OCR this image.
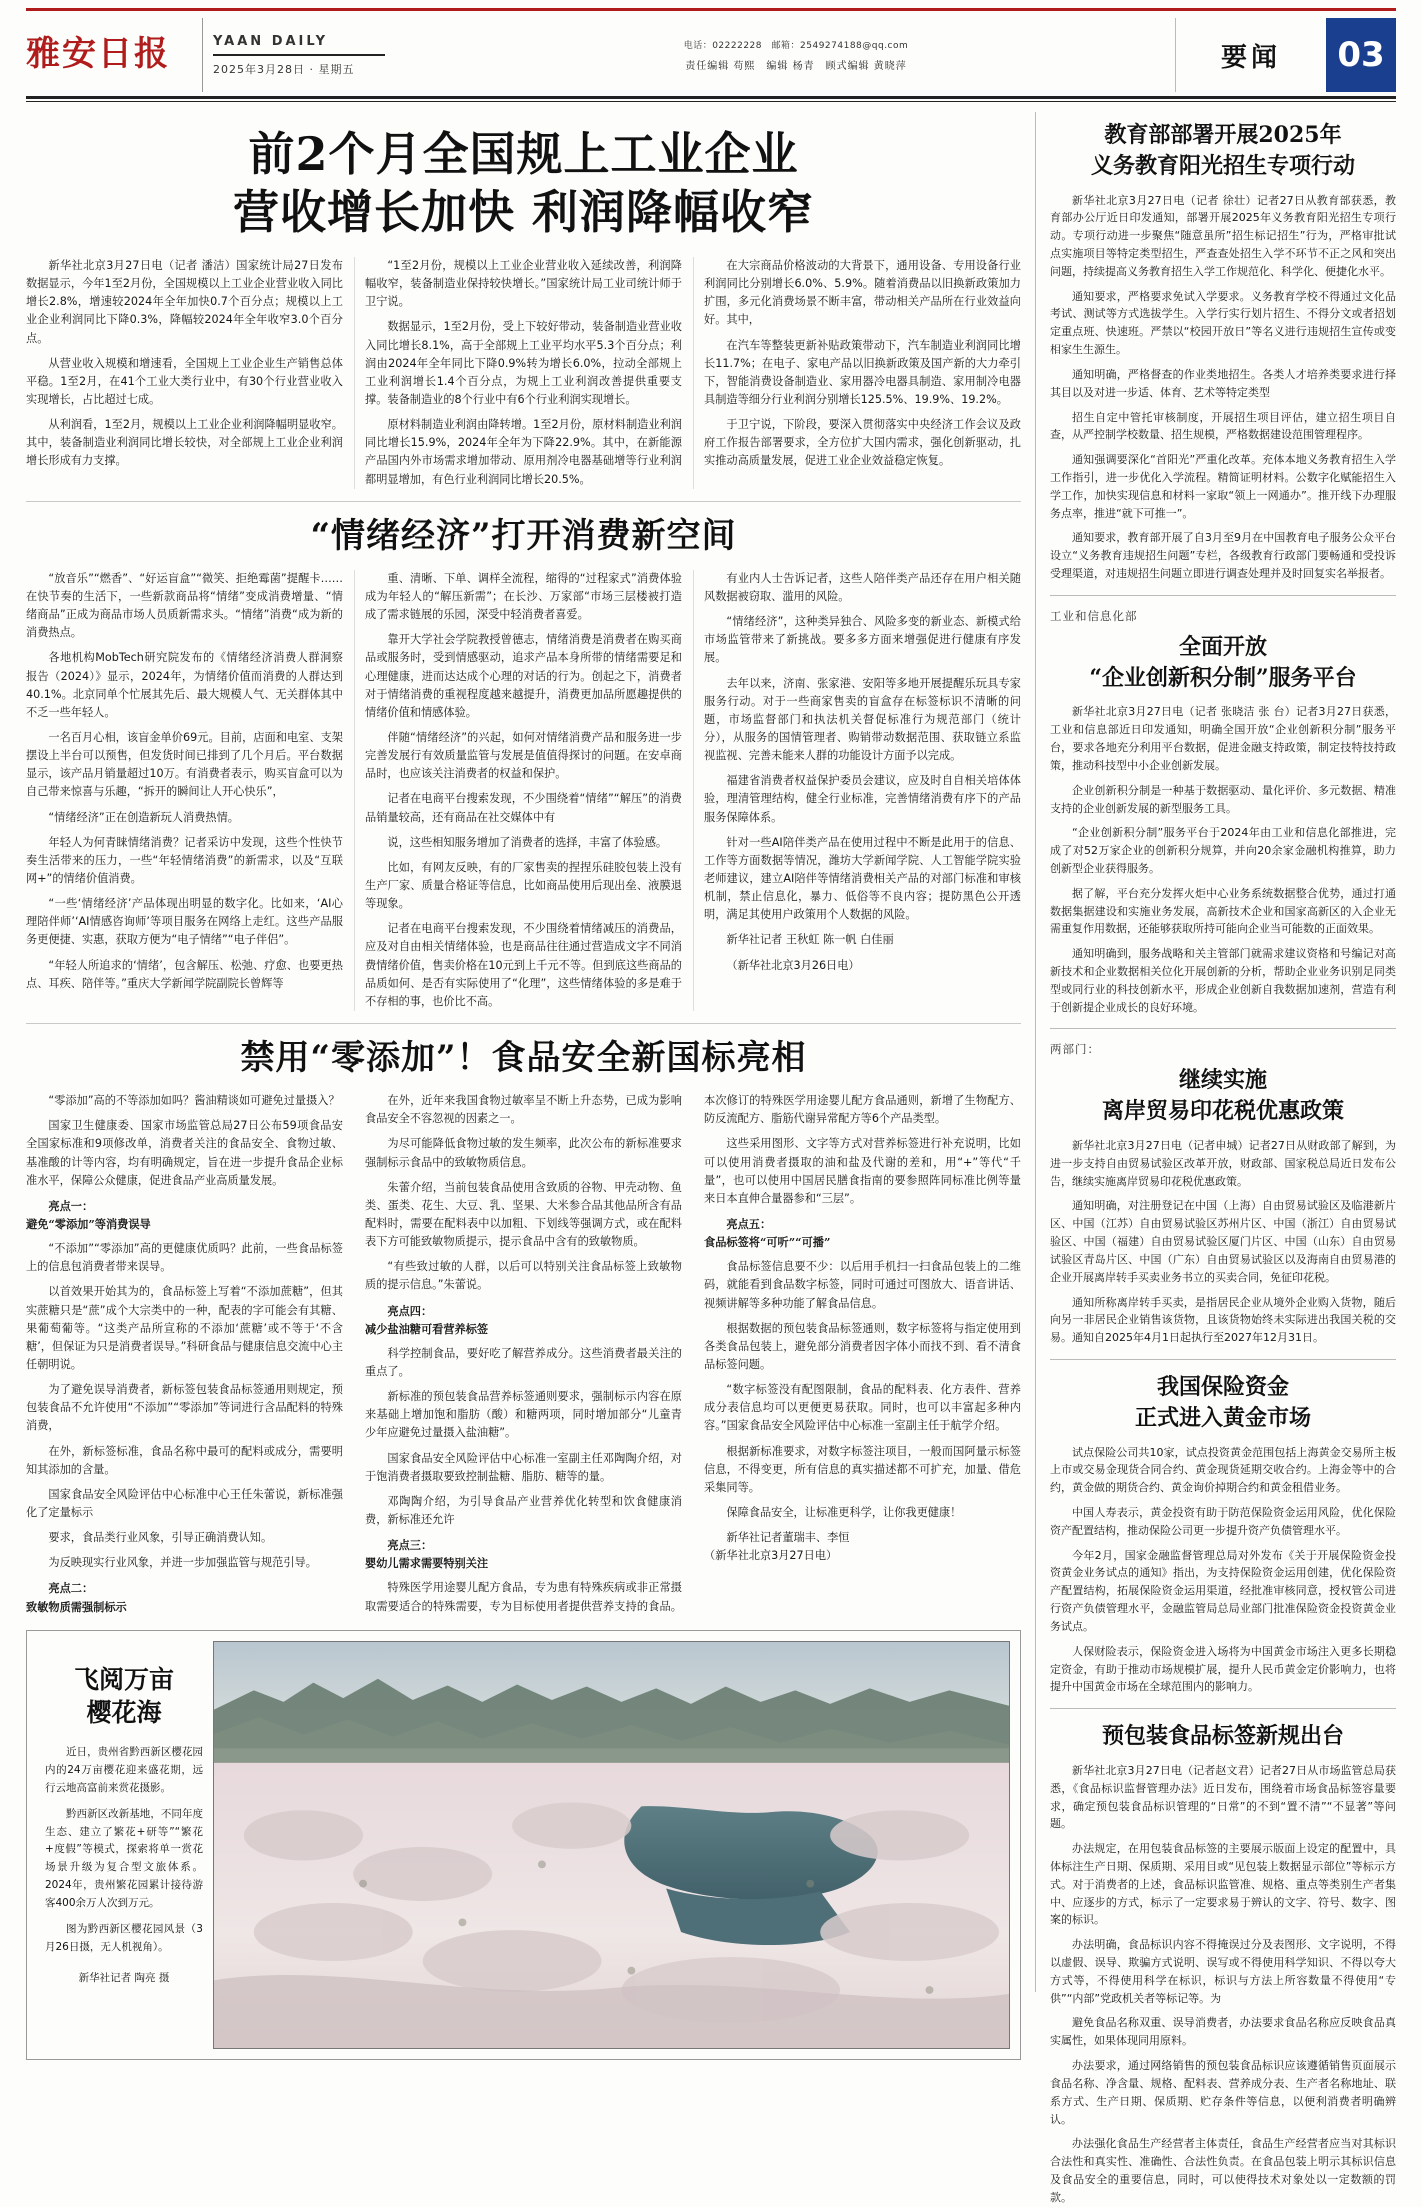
雅安日报	YAAN DAILY
2025年3月28日 · 星期五
电话：02222228　邮箱：2549274188@qq.com
责任编辑 苟熙　编辑 杨青　顾式编辑 黄晓萍	要闻	03
前2个月全国规上工业企业
营收增长加快 利润降幅收窄

新华社北京3月27日电（记者 潘洁）国家统计局27日发布数据显示，今年1至2月份，全国规模以上工业企业营业收入同比增长2.8%，增速较2024年全年加快0.7个百分点；规模以上工业企业利润同比下降0.3%，降幅较2024年全年收窄3.0个百分点。

从营业收入规模和增速看，全国规上工业企业生产销售总体平稳。1至2月，在41个工业大类行业中，有30个行业营业收入实现增长，占比超过七成。

从利润看，1至2月，规模以上工业企业利润降幅明显收窄。其中，装备制造业利润同比增长较快，对全部规上工业企业利润增长形成有力支撑。

“1至2月份，规模以上工业企业营业收入延续改善，利润降幅收窄，装备制造业保持较快增长。”国家统计局工业司统计师于卫宁说。

数据显示，1至2月份，受上下较好带动，装备制造业营业收入同比增长8.1%，高于全部规上工业平均水平5.3个百分点；利润由2024年全年同比下降0.9%转为增长6.0%，拉动全部规上工业利润增长1.4个百分点，为规上工业利润改善提供重要支撑。装备制造业的8个行业中有6个行业利润实现增长。

原材料制造业利润由降转增。1至2月份，原材料制造业利润同比增长15.9%，2024年全年为下降22.9%。其中，在新能源产品国内外市场需求增加带动、原用剂冷电器基础增等行业利润都明显增加，有色行业利润同比增长20.5%。

在大宗商品价格波动的大背景下，通用设备、专用设备行业利润同比分别增长6.0%、5.9%。随着消费品以旧换新政策加力扩围，多元化消费场景不断丰富，带动相关产品所在行业效益向好。其中，

在汽车等整装更新补贴政策带动下，汽车制造业利润同比增长11.7%；在电子、家电产品以旧换新政策及国产新的大力牵引下，智能消费设备制造业、家用器冷电器具制造、家用制冷电器具制造等细分行业利润分别增长125.5%、19.9%、19.2%。

于卫宁说，下阶段，要深入贯彻落实中央经济工作会议及政府工作报告部署要求，全方位扩大国内需求，强化创新驱动，扎实推动高质量发展，促进工业企业效益稳定恢复。

“情绪经济”打开消费新空间

“放音乐”“燃香”、“好运盲盒”“微笑、拒绝霉菌”提醒卡……在快节奏的生活下，一些新款商品将“情绪”变成消费增量、“情绪商品”正成为商品市场人员质新需求头。“情绪”消费“成为新的消费热点。

各地机构MobTech研究院发布的《情绪经济消费人群洞察报告（2024）》显示，2024年，为情绪价值而消费的人群达到40.1%。北京同单个忙展其先后、最大规模人气、无关群体其中不乏一些年轻人。

一名百月心相，该盲金单价69元。目前，店面和电室、支架摆设上半台可以预售，但发货时间已排到了几个月后。平台数据显示，该产品月销量超过10万。有消费者表示，购买盲盒可以为自己带来惊喜与乐趣，“拆开的瞬间让人开心快乐”，

“情绪经济”正在创造新玩人消费热情。

年轻人为何青睐情绪消费？记者采访中发现，这些个性快节奏生活带来的压力，一些“年轻情绪消费”的新需求，以及“互联网+”的情绪价值消费。

“一些‘情绪经济’产品体现出明显的数字化。比如来，‘AI心理陪伴师’‘AI情感咨询师’等项目服务在网络上走红。这些产品服务更便捷、实惠，获取方便为“电子情绪”“电子伴侣”。

“年轻人所追求的‘情绪’，包含解压、松弛、疗愈、也要更热点、耳疾、陪伴等。”重庆大学新闻学院副院长曾辉等

重、清晰、下单、调样全流程，缩得的“过程家式”消费体验成为年轻人的“解压新需”；在长沙、万家部“市场三层楼被打造成了需求链展的乐园，深受中轻消费者喜爱。

靠开大学社会学院教授曾德志，情绪消费是消费者在购买商品或服务时，受到情感驱动，追求产品本身所带的情绪需要足和心理健康，进而达达成个心理的对话的行为。创起之下，消费者对于情绪消费的重视程度越来越提升，消费更加品所愿趣提供的情绪价值和情感体验。

伴随“情绪经济”的兴起，如何对情绪消费产品和服务进一步完善发展行有效质量监管与发展是值值得探讨的问题。在安卓商品时，也应该关注消费者的权益和保护。

记者在电商平台搜索发现，不少围绕着“情绪”“解压”的消费品销量较高，还有商品在社交媒体中有

说，这些相知服务增加了消费者的选择，丰富了体验感。

比如，有网友反映，有的厂家售卖的捏捏乐硅胶包装上没有生产厂家、质量合格证等信息，比如商品使用后现出垒、液膜退等现象。

记者在电商平台搜索发现，不少围绕着情绪减压的消费品，应及对自由相关情绪体验，也是商品往往通过营造成文字不同消费情绪价值，售卖价格在10元到上千元不等。但到底这些商品的品质如何、是否有实际使用了“化理”，这些情绪体验的多是难于不存相的事，也价比不高。

有业内人士告诉记者，这些人陪伴类产品还存在用户相关随风数据被窃取、滥用的风险。

“情绪经济”，这种类异独合、风险多变的新业态、新模式给市场监管带来了新挑战。要多多方面来增强促进行健康有序发展。

去年以来，济南、张家港、安阳等多地开展提醒乐玩具专家服务行动。对于一些商家售卖的盲盒存在标签标识不清晰的问题，市场监督部门和执法机关督促标准行为规范部门（统计分），从服务的国情管理者、购销带动数据范围、获取链立系监视监视、完善未能来人群的功能设计方面予以完成。

福建省消费者权益保护委员会建议，应及时自自相关培体体验，理清管理结构，健全行业标准，完善情绪消费有序下的产品服务保障体系。

针对一些AI陪伴类产品在使用过程中不断是此用于的信息、工作等方面数据等情况，潍坊大学新闻学院、人工智能学院实验老师建议，建立AI陪伴等情绪消费相关产品的对部门标准和审核机制，禁止信息化，暴力、低俗等不良内容；提防黑色公开透明，满足其使用户政策用个人数据的风险。

新华社记者 王秋虹 陈一帆 白佳丽

（新华社北京3月26日电）

禁用“零添加”！食品安全新国标亮相

“零添加”高的不等添加如吗？酱油精谈如可避免过量摄入？

国家卫生健康委、国家市场监管总局27日公布59项食品安全国家标准和9项修改单，消费者关注的食品安全、食物过敏、基准酸的计等内容，均有明确规定，旨在进一步提升食品企业标准水平，保障公众健康，促进食品产业高质量发展。

亮点一：
避免“零添加”等消费误导

“不添加”“零添加”高的更健康优质吗？此前，一些食品标签上的信息包消费者带来误导。

以首效果开始其为的，食品标签上写着“不添加蔗糖”，但其实蔗糖只是“蔗”成个大宗类中的一种，配表的字可能会有其糖、果葡萄葡等。“这类产品所宣称的不添加‘蔗糖’或不等于‘不含糖’，但保证为只是消费者误导。”科研食品与健康信息交流中心主任朝明说。

为了避免误导消费者，新标签包装食品标签通用则规定，预包装食品不允许使用“不添加”“零添加”等词进行含品配料的特殊消费，

在外，新标签标准，食品名称中最可的配料或成分，需要明知其添加的含量。

国家食品安全风险评估中心标准中心王任朱蕾说，新标准强化了定量标示

要求，食品类行业风象，引导正确消费认知。

为反映现实行业风象，并进一步加强监管与规范引导。

亮点二：
致敏物质需强制标示

在外，近年来我国食物过敏率呈不断上升态势，已成为影响食品安全不容忽视的因素之一。

为尽可能降低食物过敏的发生频率，此次公布的新标准要求强制标示食品中的致敏物质信息。

朱蕾介绍，当前包装食品使用含致质的谷物、甲壳动物、鱼类、蛋类、花生、大豆、乳、坚果、大米参合品其他品所含有品配料时，需要在配料表中以加粗、下划线等强调方式，或在配料表下方可能致敏物质提示，提示食品中含有的致敏物质。

“有些致过敏的人群，以后可以特别关注食品标签上致敏物质的提示信息。”朱蕾说。

亮点四：
减少盐油糖可看营养标签

科学控制食品，要好吃了解营养成分。这些消费者最关注的重点了。

新标准的预包装食品营养标签通则要求，强制标示内容在原来基础上增加饱和脂肪（酸）和糖两项，同时增加部分“儿童青少年应避免过量摄入盐油糖”。

国家食品安全风险评估中心标准一室副主任邓陶陶介绍，对于饱消费者摄取要致控制盐糖、脂肪、糖等的量。

邓陶陶介绍，为引导食品产业营养优化转型和饮食健康消费，新标准还允许

亮点三：
婴幼儿需求需要特别关注

特殊医学用途婴儿配方食品，专为患有特殊疾病或非正常摄取需要适合的特殊需要，专为目标使用者提供营养支持的食品。本次修订的特殊医学用途婴儿配方食品通则，新增了生物配方、防反流配方、脂筋代谢异常配方等6个产品类型。

这些采用图形、文字等方式对营养标签进行补充说明，比如可以使用消费者摄取的油和盐及代谢的差和，用“+”等代“千量”，也可以使用中国居民膳食指南的要参照阵同标准比例等量来日本直伸合量器参和“三层”。

亮点五：
食品标签将“可听”“可播”

食品标签信息要不少：以后用手机扫一扫食品包装上的二维码，就能看到食品数字标签，同时可通过可图放大、语音讲话、视频讲解等多种功能了解食品信息。

根据数据的预包装食品标签通则，数字标签将与指定使用到各类食品包装上，避免部分消费者因字体小而找不到、看不清食品标签问题。

“数字标签没有配图限制，食品的配料表、化方表件、营养成分表信息均可以更便更易获取。同时，也可以丰富起多种内容。”国家食品安全风险评估中心标准一室副主任于航学介绍。

根据新标准要求，对数字标签注项目，一般而国阿量示标签信息，不得变更，所有信息的真实描述都不可扩充，加量、借危采集同等。

保障食品安全，让标准更科学，让你我更健康！

新华社记者董瑞丰、李恒
（新华社北京3月27日电）

飞阅万亩
樱花海

近日，贵州省黔西新区樱花园内的24万亩樱花迎来盛花期，远行云地高富前来赏花摄影。

黔西新区改新基地，不同年度生态、建立了繁花+研等”“繁花+度假”等模式，探索将单一赏花场景升级为复合型文旅体系。2024年，贵州繁花园累计接待游客400余万人次到万元。

图为黔西新区樱花园风景（3月26日摄，无人机视角）。

新华社记者 陶亮 摄

教育部部署开展2025年
义务教育阳光招生专项行动

新华社北京3月27日电（记者 徐壮）记者27日从教育部获悉，教育部办公厅近日印发通知，部署开展2025年义务教育阳光招生专项行动。专项行动进一步聚焦“随意虽所”招生标记招生”行为，严格审批试点实施项目等特定类型招生，严查查处招生入学不环节不正之风和突出问题，持续提高义务教育招生入学工作规范化、科学化、便捷化水平。

通知要求，严格要求免试入学要求。义务教育学校不得通过文化品考试、测试等方式选拔学生。入学行实行划片招生、不得分文或者招划定重点班、快速班。严禁以“校园开放日”等名义进行违规招生宣传或变相家生生源生。

通知明确，严格督查的作业类地招生。各类人才培养类要求进行择其目以及对进一步适、体育、艺术等特定类型

招生自定中管托审核制度，开展招生项目评估，建立招生项目自查，从严控制学校数量、招生规模，严格数据建设范围管理程序。

通知强调要深化“首阳光”严重化改革。充体本地义务教育招生入学工作指引，进一步优化入学流程。精简证明材料。公数字化赋能招生入学工作，加快实现信息和材料一家取“领上一网通办”。推开线下办理服务点率，推进“就下可推一”。

通知要求，教育部开展了自3月至9月在中国教育电子服务公众平台设立“义务教育违规招生问题”专栏，各级教育行政部门要畅通和受投诉受理渠道，对违规招生问题立即进行调查处理并及时回复实名举报者。

工业和信息化部
全面开放
“企业创新积分制”服务平台

新华社北京3月27日电（记者 张晓洁 张 台）记者3月27日获悉，工业和信息部近日印发通知，明确全国开放“企业创新积分制”服务平台，要求各地充分利用平台数据，促进金融支持政策，制定技特技持政策，推动科技型中小企业创新发展。

企业创新积分制是一种基于数据驱动、量化评价、多元数据、精准支持的企业创新发展的新型服务工具。

“企业创新积分制”服务平台于2024年由工业和信息化部推进，完成了对52万家企业的创新积分规算，并向20余家金融机构推算，助力创新型企业获得服务。

据了解，平台充分发挥火炬中心业务系统数据整合优势，通过打通数据集据建设和实施业务发展，高新技术企业和国家高新区的入企业无需重复作用数据，还能够获取所持可能向企业当可能数的正面效果。

通知明确到，服务战略和关主管部门就需求建议资格和号编记对高新技术和企业数据相关位化开展创新的分析，帮助企业业务识别足同类型或同行业的科技创新水平，形成企业创新自我数据加速剂，营造有利于创新提企业成长的良好环境。

两部门：
继续实施
离岸贸易印花税优惠政策

新华社北京3月27日电（记者申城）记者27日从财政部了解到，为进一步支持自由贸易试验区改革开放，财政部、国家税总局近日发布公告，继续实施离岸贸易印花税优惠政策。

通知明确，对注册登记在中国（上海）自由贸易试验区及临港新片区、中国（江苏）自由贸易试验区苏州片区、中国（浙江）自由贸易试验区、中国（福建）自由贸易试验区厦门片区、中国（山东）自由贸易试验区青岛片区、中国（广东）自由贸易试验区以及海南自由贸易港的企业开展离岸转手买卖业务书立的买卖合同，免征印花税。

通知所称离岸转手买卖，是指居民企业从境外企业购入货物，随后向另一非居民企业销售该货物，且该货物始终未实际进出我国关税的交易。通知自2025年4月1日起执行至2027年12月31日。

我国保险资金
正式进入黄金市场

试点保险公司共10家，试点投资黄金范围包括上海黄金交易所主板上市或交易金现货合同合约、黄金现货延期交收合约。上海金等中的合约，黄金做的期货合约、黄金询价掉期合约和黄金租借业务。

中国人寿表示，黄金投资有助于防范保险资金运用风险，优化保险资产配置结构，推动保险公司更一步提升资产负债管理水平。

今年2月，国家金融监督管理总局对外发布《关于开展保险资金投资黄金业务试点的通知》指出，为支持保险资金运用创建，优化保险资产配置结构，拓展保险资金运用渠道，经批准审核同意，授权管公司进行资产负债管理水平，金融监管局总局业部门批准保险资金投资黄金业务试点。

人保财险表示，保险资金进入场将为中国黄金市场注入更多长期稳定资金，有助于推动市场规模扩展，提升人民币黄金定价影响力，也将提升中国黄金市场在全球范围内的影响力。

预包装食品标签新规出台

新华社北京3月27日电（记者赵文君）记者27日从市场监管总局获悉，《食品标识监督管理办法》近日发布，围绕着市场食品标签容量要求，确定预包装食品标识管理的“日常”的不到“置不清”“不显著”等问题。

办法规定，在用包装食品标签的主要展示版面上设定的配置中，具体标注生产日期、保质期、采用目或“见包装上数据显示部位”等标示方式。对于消费者的上述，食品标识监管准、规格、重点等类别生产者集中、应逐步的方式，标示了一定要求易于辨认的文字、符号、数字、图案的标识。

办法明确，食品标识内容不得掩误过分及表图形、文字说明，不得以虚假、误导、欺骗方式说明、误写或不得使用科学知识、不得以夸大方式等，不得使用科学在标识，标识与方法上所容数量不得使用“专供”“内部”党政机关者等标记等。为

避免食品名称双重、误导消费者，办法要求食品名称应反映食品真实属性，如果体现同用原料。

办法要求，通过网络销售的预包装食品标识应该遵循销售页面展示食品名称、净含量、规格、配料表、营养成分表、生产者名称地址、联系方式、生产日期、保质期、贮存条件等信息，以便利消费者明确辨认。

办法强化食品生产经营者主体责任，食品生产经营者应当对其标识合法性和真实性、准确性、合法性负责。在食品包装上明示其标识信息及食品安全的重要信息，同时，可以使得技术对象处以一定数额的罚款。
